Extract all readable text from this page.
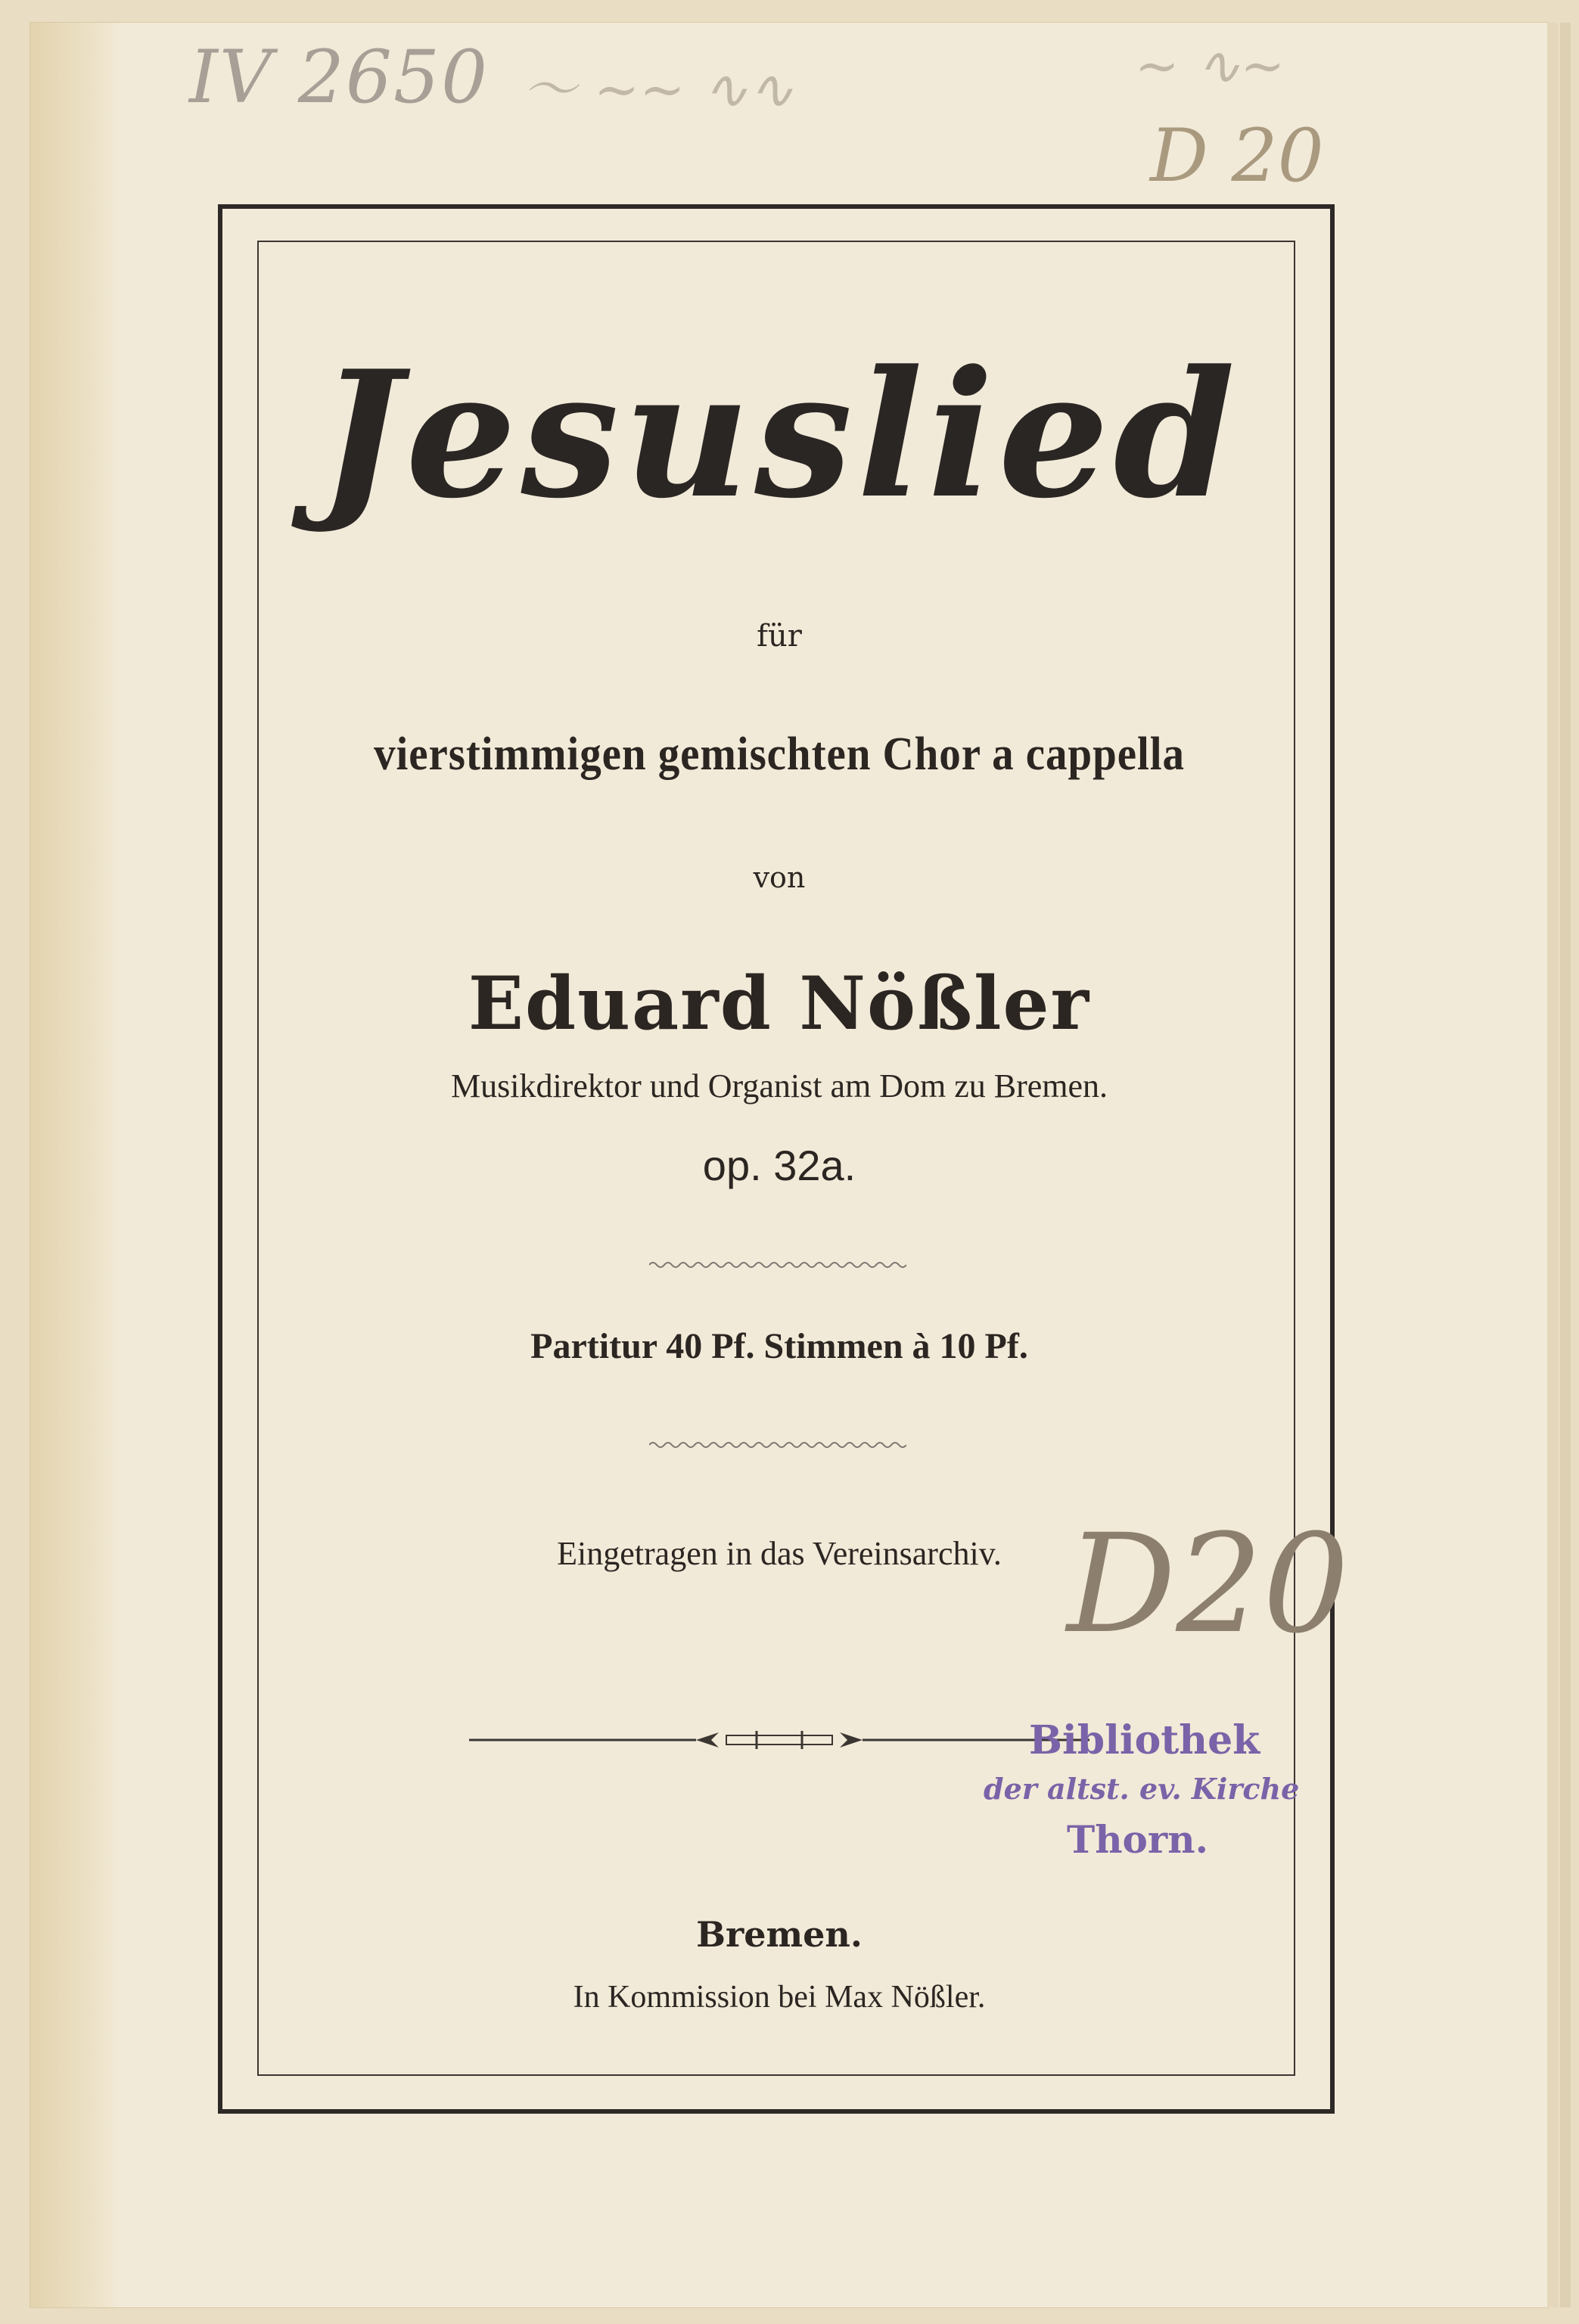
IV 2650 〜 ∼∼ ∿∿	∼ ∿∼
D 20
Jesuslied
für
vierstimmigen gemischten Chor a cappella
von
Eduard Nößler
Musikdirektor und Organist am Dom zu Bremen.
op. 32a.
Partitur 40 Pf. Stimmen à 10 Pf.
Eingetragen in das Vereinsarchiv. D20
Bibliothek
der altst. ev. Kirche
Thorn.
Bremen.
In Kommission bei Max Nößler.
